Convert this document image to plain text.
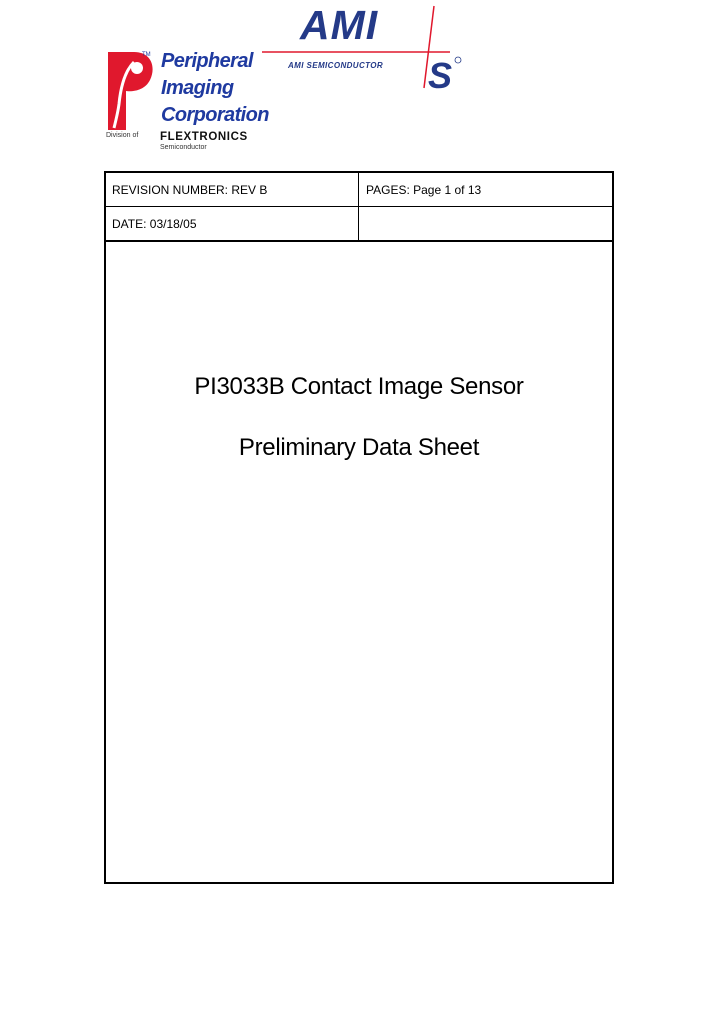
TM Peripheral
Imaging
Corporation
Division of FLEXTRONICS
Semiconductor
S
AMI
AMI SEMICONDUCTOR
REVISION NUMBER: REV B	PAGES: Page 1 of 13
DATE: 03/18/05
PI3033B Contact Image Sensor
Preliminary Data Sheet
